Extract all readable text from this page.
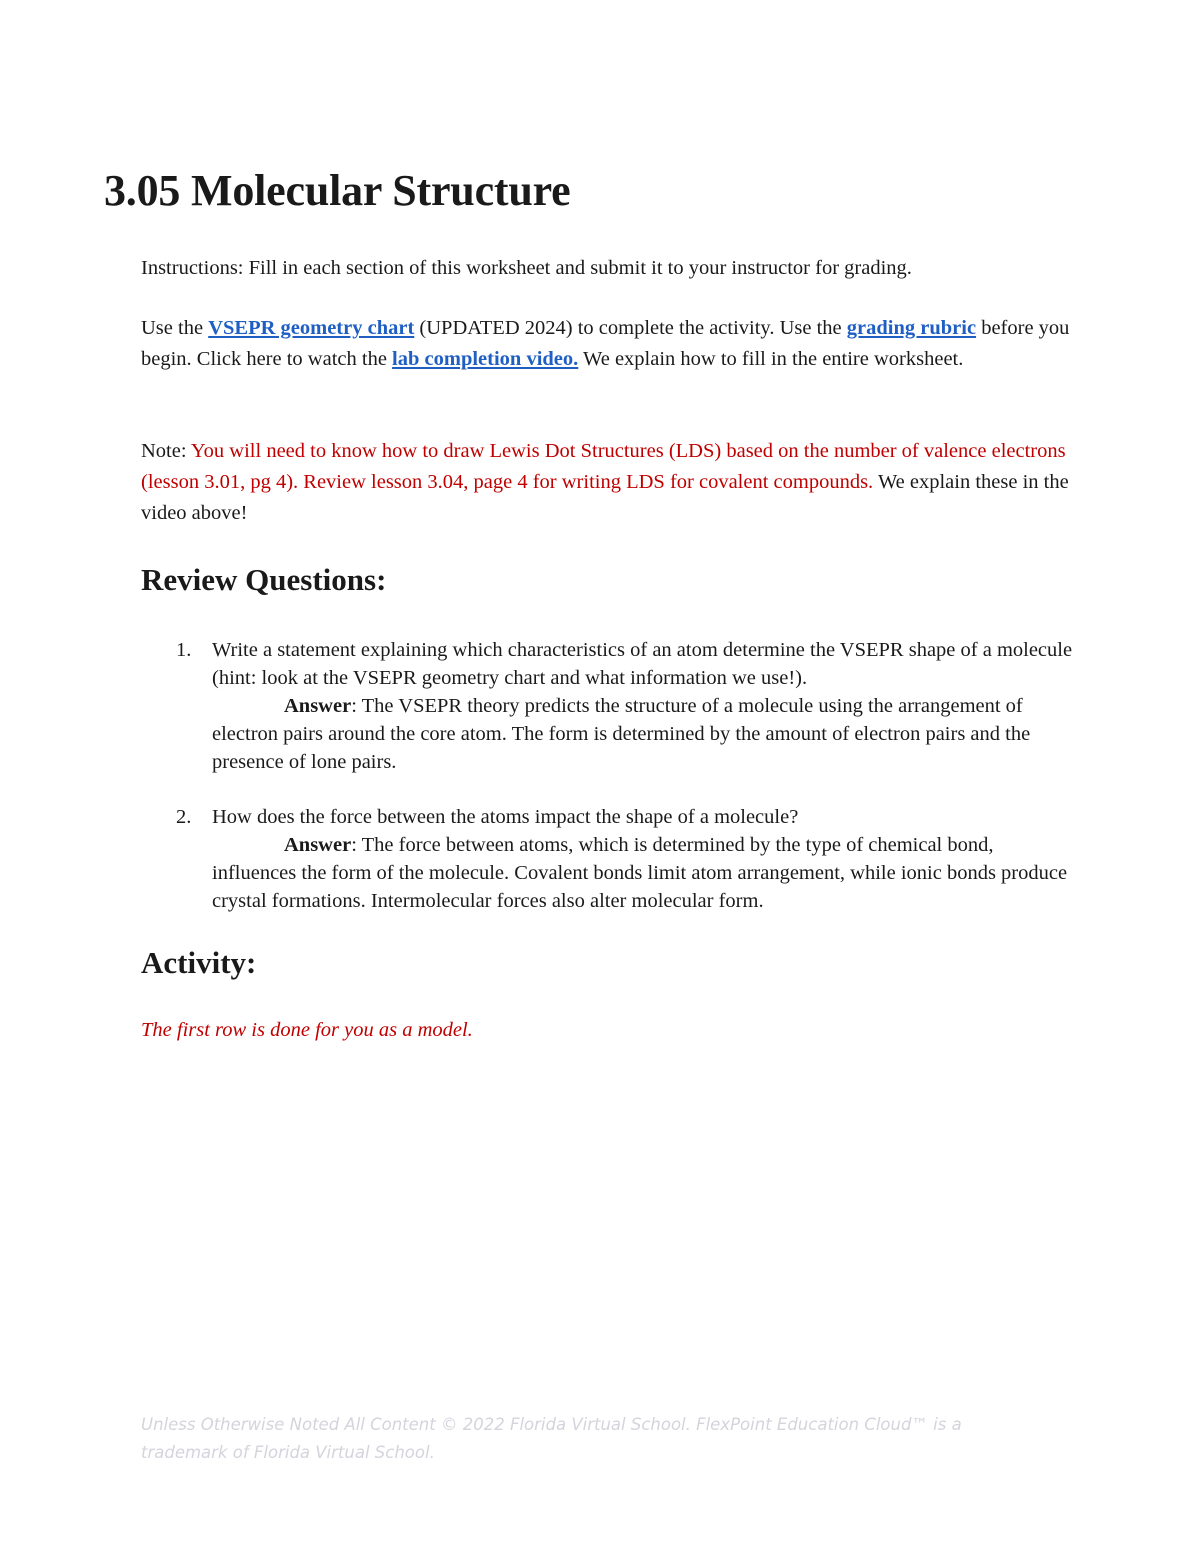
3.05 Molecular Structure

Instructions: Fill in each section of this worksheet and submit it to your instructor for grading.

Use the VSEPR geometry chart (UPDATED 2024) to complete the activity. Use the grading rubric before you begin. Click here to watch the lab completion video. We explain how to fill in the entire worksheet.

Note: You will need to know how to draw Lewis Dot Structures (LDS) based on the number of valence electrons (lesson 3.01, pg 4). Review lesson 3.04, page 4 for writing LDS for covalent compounds. We explain these in the video above!

Review Questions:
1. Write a statement explaining which characteristics of an atom determine the VSEPR shape of a molecule (hint: look at the VSEPR geometry chart and what information we use!).
Answer: The VSEPR theory predicts the structure of a molecule using the arrangement of electron pairs around the core atom. The form is determined by the amount of electron pairs and the presence of lone pairs.
2. How does the force between the atoms impact the shape of a molecule?
Answer: The force between atoms, which is determined by the type of chemical bond, influences the form of the molecule. Covalent bonds limit atom arrangement, while ionic bonds produce crystal formations. Intermolecular forces also alter molecular form.
Activity:

The first row is done for you as a model.

Unless Otherwise Noted All Content © 2022 Florida Virtual School. FlexPoint Education Cloud™ is a trademark of Florida Virtual School.
